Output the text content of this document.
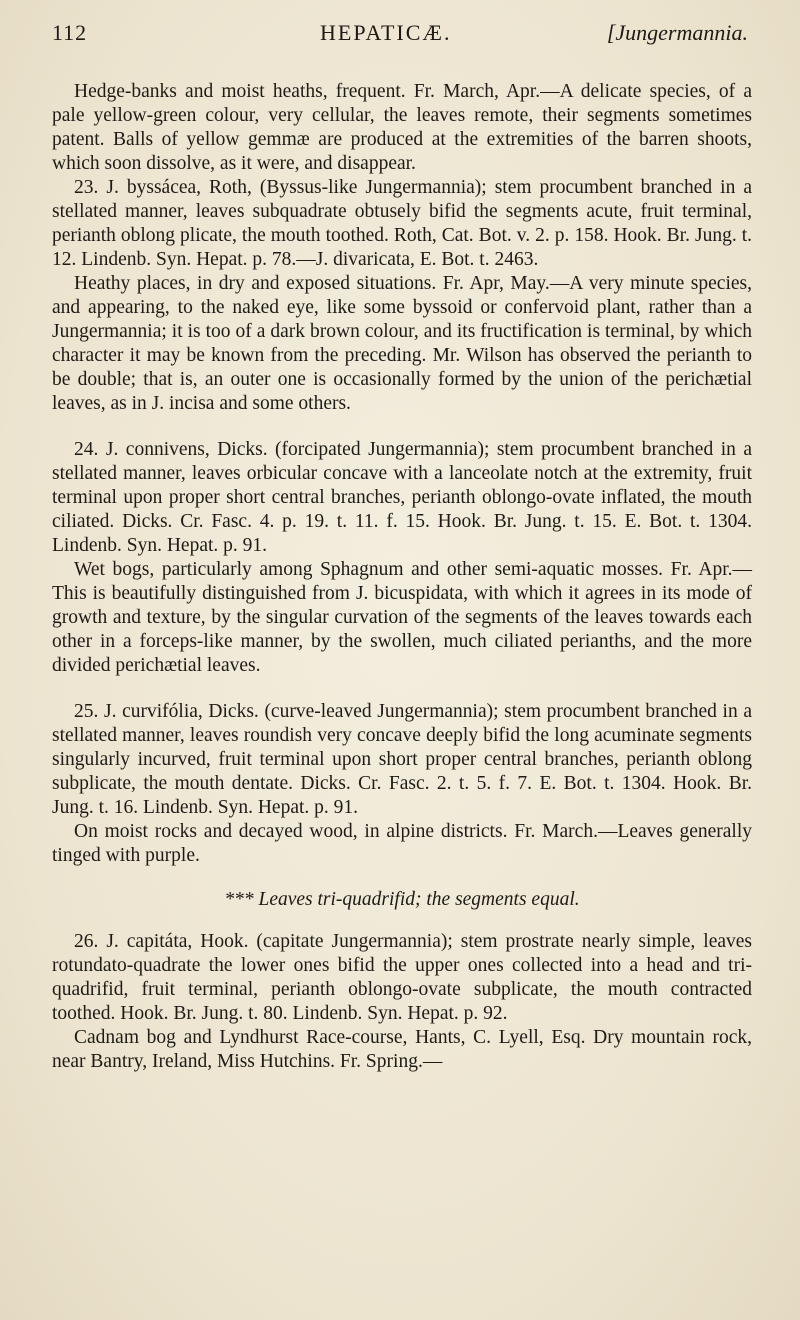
112	HEPATICÆ.	[Jungermannia.

Hedge-banks and moist heaths, frequent. Fr. March, Apr.—A delicate species, of a pale yellow-green colour, very cellular, the leaves remote, their segments sometimes patent. Balls of yellow gemmæ are produced at the extremities of the barren shoots, which soon dissolve, as it were, and disappear.

23. J. byssácea, Roth, (Byssus-like Jungermannia); stem procumbent branched in a stellated manner, leaves subquadrate obtusely bifid the segments acute, fruit terminal, perianth oblong plicate, the mouth toothed. Roth, Cat. Bot. v. 2. p. 158. Hook. Br. Jung. t. 12. Lindenb. Syn. Hepat. p. 78.—J. divaricata, E. Bot. t. 2463.

Heathy places, in dry and exposed situations. Fr. Apr, May.—A very minute species, and appearing, to the naked eye, like some byssoid or confervoid plant, rather than a Jungermannia; it is too of a dark brown colour, and its fructification is terminal, by which character it may be known from the preceding. Mr. Wilson has observed the perianth to be double; that is, an outer one is occasionally formed by the union of the perichætial leaves, as in J. incisa and some others.

24. J. connivens, Dicks. (forcipated Jungermannia); stem procumbent branched in a stellated manner, leaves orbicular concave with a lanceolate notch at the extremity, fruit terminal upon proper short central branches, perianth oblongo-ovate inflated, the mouth ciliated. Dicks. Cr. Fasc. 4. p. 19. t. 11. f. 15. Hook. Br. Jung. t. 15. E. Bot. t. 1304. Lindenb. Syn. Hepat. p. 91.

Wet bogs, particularly among Sphagnum and other semi-aquatic mosses. Fr. Apr.—This is beautifully distinguished from J. bicuspidata, with which it agrees in its mode of growth and texture, by the singular curvation of the segments of the leaves towards each other in a forceps-like manner, by the swollen, much ciliated perianths, and the more divided perichætial leaves.

25. J. curvifólia, Dicks. (curve-leaved Jungermannia); stem procumbent branched in a stellated manner, leaves roundish very concave deeply bifid the long acuminate segments singularly incurved, fruit terminal upon short proper central branches, perianth oblong subplicate, the mouth dentate. Dicks. Cr. Fasc. 2. t. 5. f. 7. E. Bot. t. 1304. Hook. Br. Jung. t. 16. Lindenb. Syn. Hepat. p. 91.

On moist rocks and decayed wood, in alpine districts. Fr. March.—Leaves generally tinged with purple.

*** Leaves tri-quadrifid; the segments equal.

26. J. capitáta, Hook. (capitate Jungermannia); stem prostrate nearly simple, leaves rotundato-quadrate the lower ones bifid the upper ones collected into a head and tri-quadrifid, fruit terminal, perianth oblongo-ovate subplicate, the mouth contracted toothed. Hook. Br. Jung. t. 80. Lindenb. Syn. Hepat. p. 92.

Cadnam bog and Lyndhurst Race-course, Hants, C. Lyell, Esq. Dry mountain rock, near Bantry, Ireland, Miss Hutchins. Fr. Spring.—
